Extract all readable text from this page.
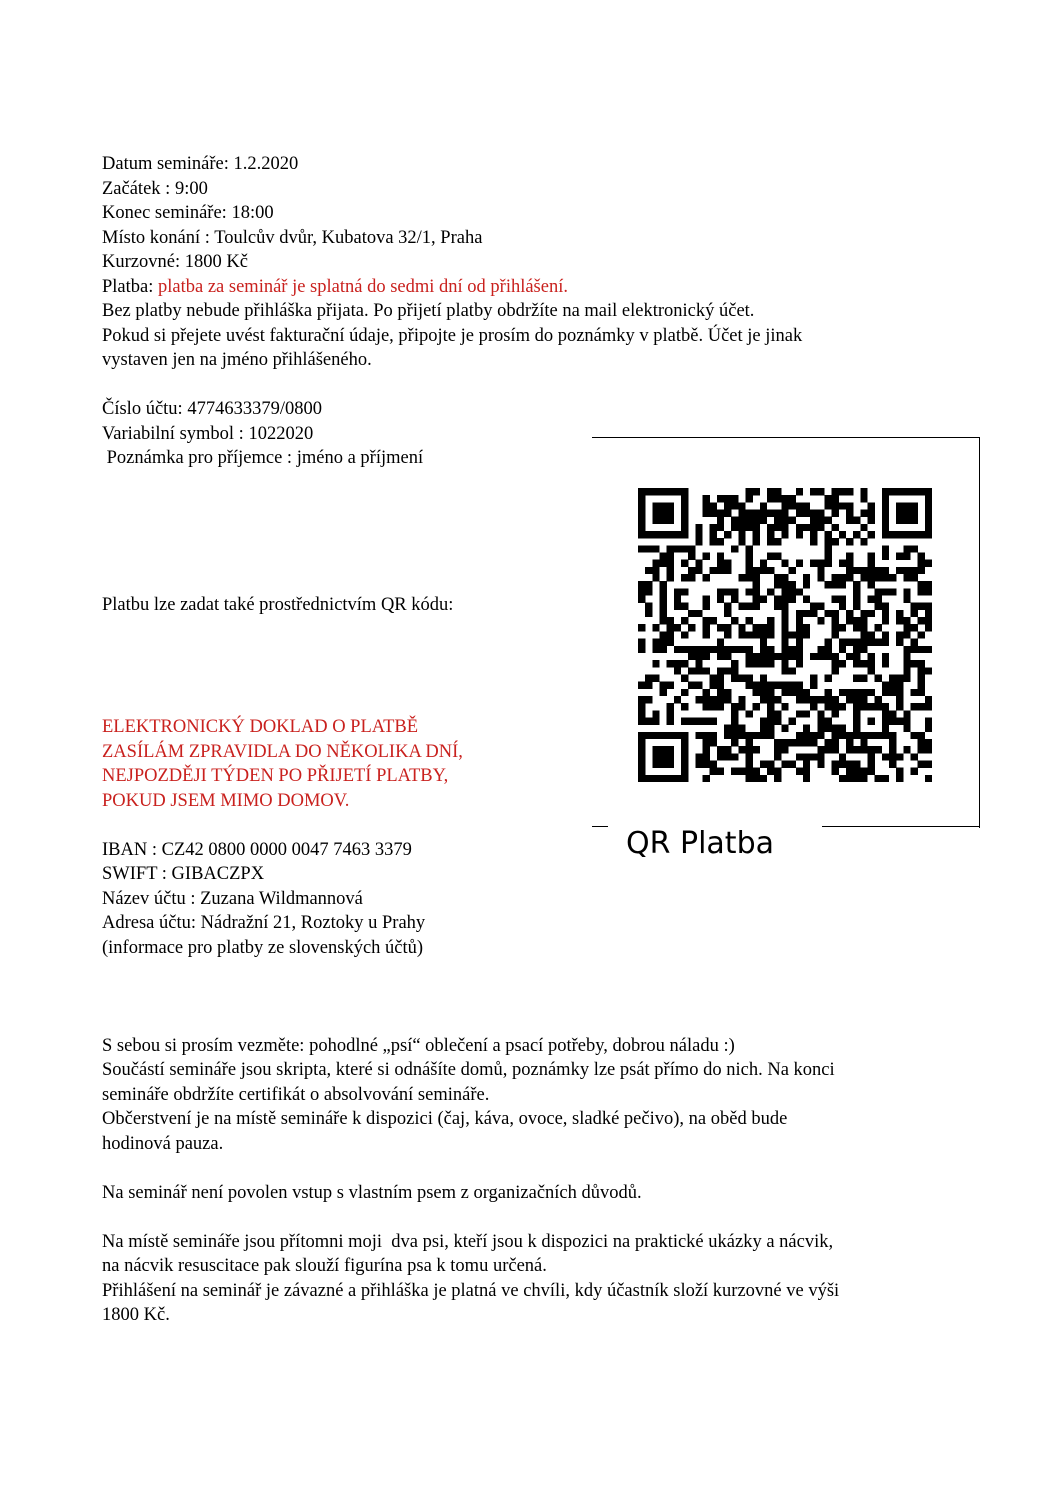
Datum semináře: 1.2.2020
Začátek : 9:00
Konec semináře: 18:00
Místo konání : Toulcův dvůr, Kubatova 32/1, Praha
Kurzovné: 1800 Kč
Platba: platba za seminář je splatná do sedmi dní od přihlášení.
Bez platby nebude přihláška přijata. Po přijetí platby obdržíte na mail elektronický účet.
Pokud si přejete uvést fakturační údaje, připojte je prosím do poznámky v platbě. Účet je jinak
vystaven jen na jméno přihlášeného.
Číslo účtu: 4774633379/0800
Variabilní symbol : 1022020
Poznámka pro příjemce : jméno a příjmení
Platbu lze zadat také prostřednictvím QR kódu:
ELEKTRONICKÝ DOKLAD O PLATBĚ
ZASÍLÁM ZPRAVIDLA DO NĚKOLIKA DNÍ,
NEJPOZDĚJI TÝDEN PO PŘIJETÍ PLATBY,
POKUD JSEM MIMO DOMOV.
IBAN : CZ42 0800 0000 0047 7463 3379
SWIFT : GIBACZPX
Název účtu : Zuzana Wildmannová
Adresa účtu: Nádražní 21, Roztoky u Prahy
(informace pro platby ze slovenských účtů)
S sebou si prosím vezměte: pohodlné „psí“ oblečení a psací potřeby, dobrou náladu :)
Součástí semináře jsou skripta, které si odnášíte domů, poznámky lze psát přímo do nich. Na konci
semináře obdržíte certifikát o absolvování semináře.
Občerstvení je na místě semináře k dispozici (čaj, káva, ovoce, sladké pečivo), na oběd bude
hodinová pauza.
Na seminář není povolen vstup s vlastním psem z organizačních důvodů.
Na místě semináře jsou přítomni moji  dva psi, kteří jsou k dispozici na praktické ukázky a nácvik,
na nácvik resuscitace pak slouží figurína psa k tomu určená.
Přihlášení na seminář je závazné a přihláška je platná ve chvíli, kdy účastník složí kurzovné ve výši
1800 Kč.
QR Platba
